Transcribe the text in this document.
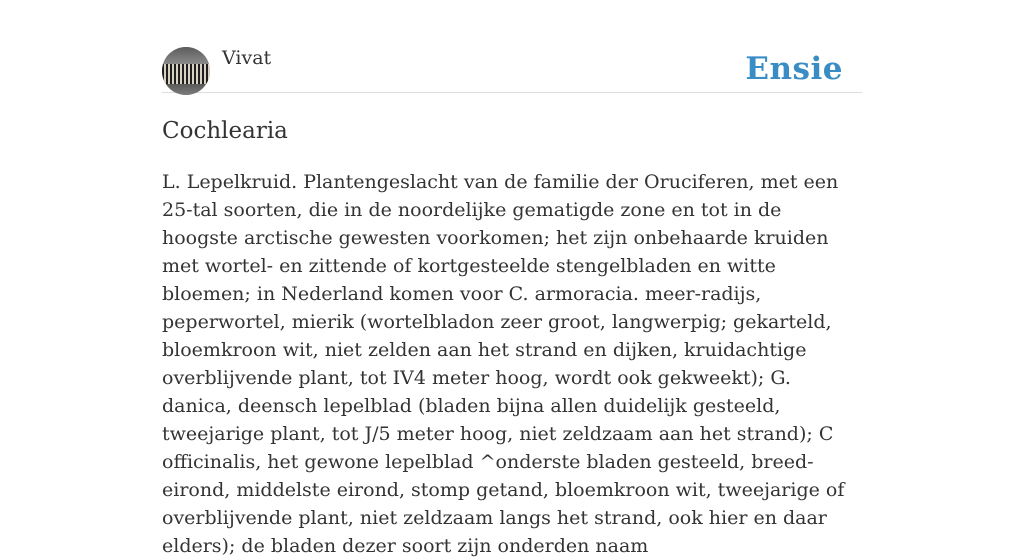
Vivat	Ensie
Cochlearia

L. Lepelkruid. Plantengeslacht van de familie der Oruciferen, met een 25-tal soorten, die in de noordelijke gematigde zone en tot in de hoogste arctische gewesten voorkomen; het zijn onbehaarde kruiden met wortel- en zittende of kortgesteelde stengelbladen en witte bloemen; in Nederland komen voor C. armoracia. meer-radijs, peperwortel, mierik (wortelbladon zeer groot, langwerpig; gekarteld, bloemkroon wit, niet zelden aan het strand en dijken, kruidachtige overblijvende plant, tot IV4 meter hoog, wordt ook gekweekt); G. danica, deensch lepelblad (bladen bijna allen duidelijk gesteeld, tweejarige plant, tot J/5 meter hoog, niet zeldzaam aan het strand); C officinalis, het gewone lepelblad ^onderste bladen gesteeld, breed-eirond, middelste eirond, stomp getand, bloemkroon wit, tweejarige of overblijvende plant, niet zeldzaam langs het strand, ook hier en daar elders); de bladen dezer soort zijn onderden naam
